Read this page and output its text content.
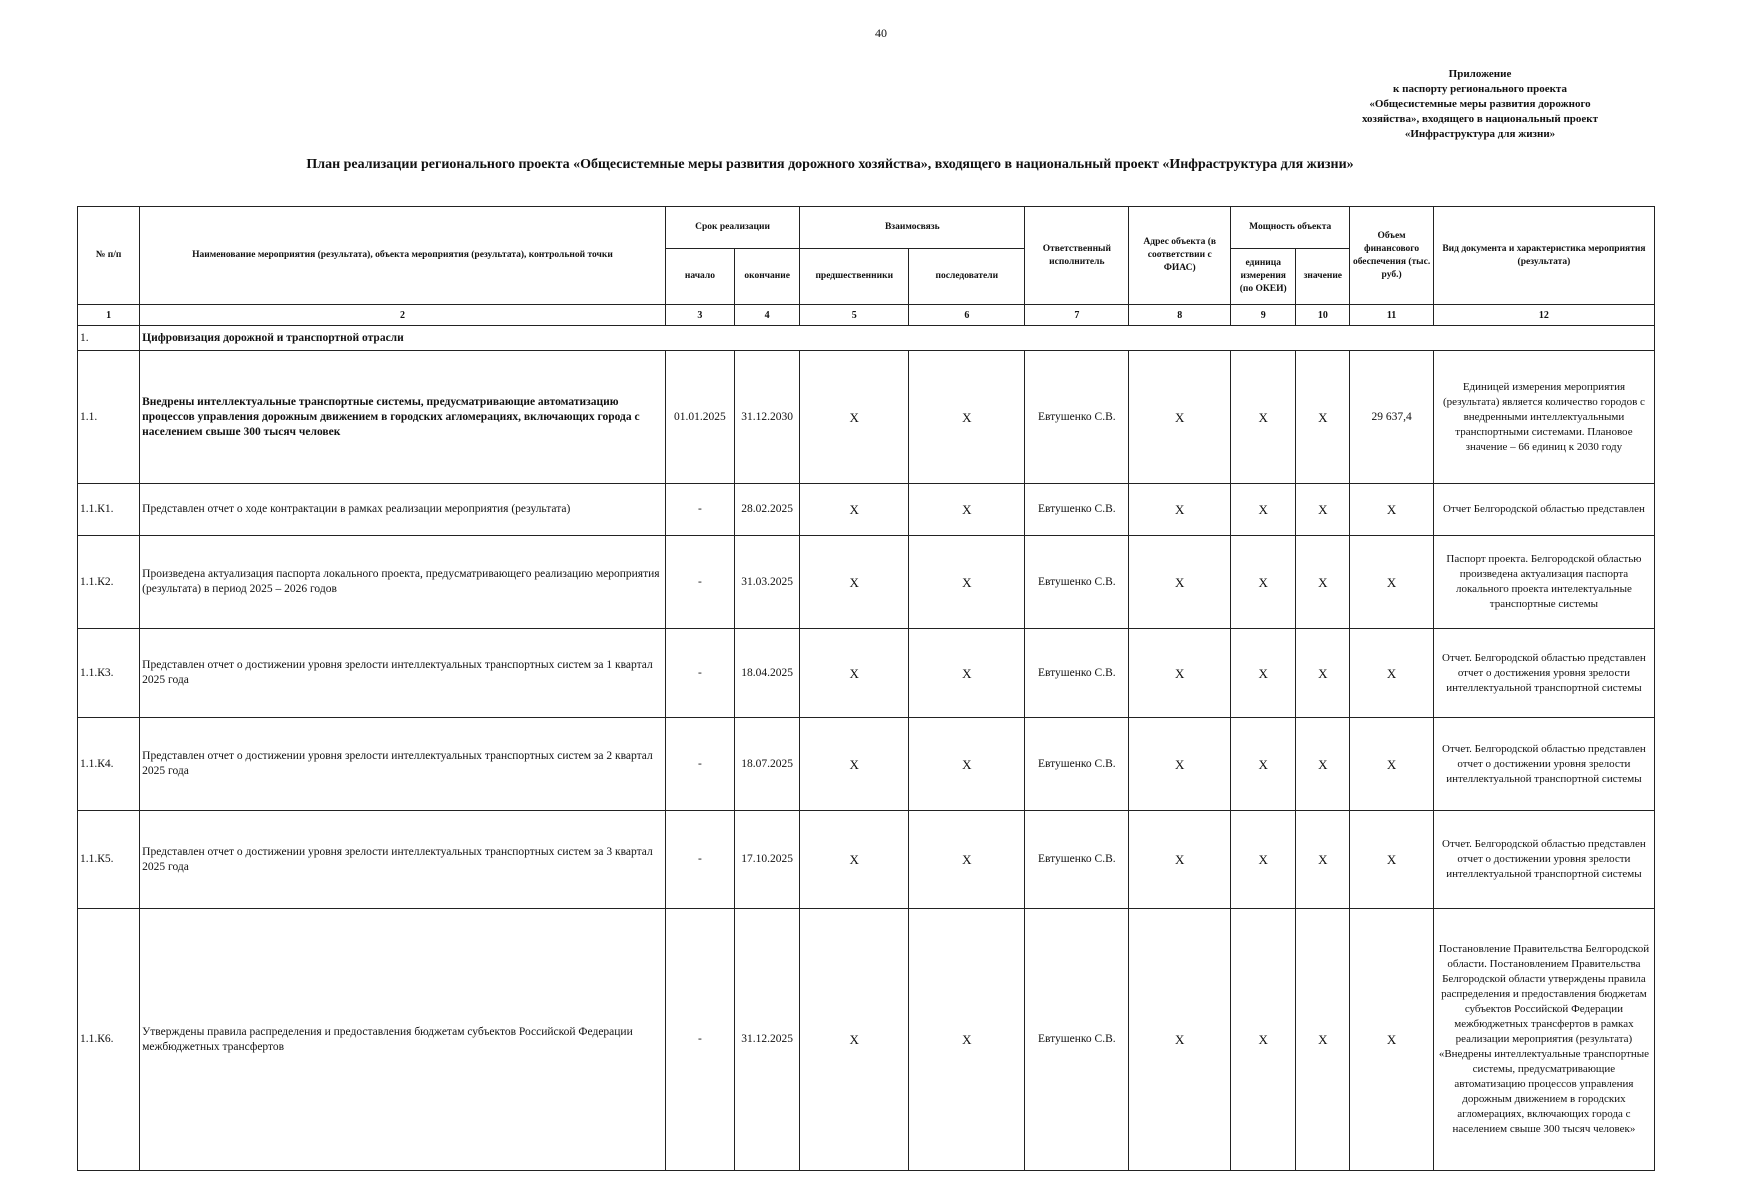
40
Приложение
к паспорту регионального проекта
«Общесистемные меры развития дорожного
хозяйства», входящего в национальный проект
«Инфраструктура для жизни»
План реализации регионального проекта «Общесистемные меры развития дорожного хозяйства», входящего в национальный проект «Инфраструктура для жизни»
№ п/п	Наименование мероприятия (результата), объекта мероприятия (результата), контрольной точки	Срок реализации		Взаимосвязь		Ответственный исполнитель	Адрес объекта (в соответствии с ФИАС)	Мощность объекта		Объем финансового обеспечения (тыс. руб.)	Вид документа и характеристика мероприятия (результата)
		начало	окончание	предшественники	последователи			единица измерения (по ОКЕИ)	значение		
1	2	3	4	5	6	7	8	9	10	11	12
1.	Цифровизация дорожной и транспортной отрасли										
1.1.	Внедрены интеллектуальные транспортные системы, предусматривающие автоматизацию процессов управления дорожным движением в городских агломерациях, включающих города с населением свыше 300 тысяч человек	01.01.2025	31.12.2030	X	X	Евтушенко С.В.	X	X	X	29 637,4	Единицей измерения мероприятия (результата) является количество городов с внедренными интеллектуальными транспортными системами. Плановое значение – 66 единиц к 2030 году
1.1.К1.	Представлен отчет о ходе контрактации в рамках реализации мероприятия (результата)	-	28.02.2025	X	X	Евтушенко С.В.	X	X	X	X	Отчет Белгородской областью представлен
1.1.К2.	Произведена актуализация паспорта локального проекта, предусматривающего реализацию мероприятия (результата) в период 2025 – 2026 годов	-	31.03.2025	X	X	Евтушенко С.В.	X	X	X	X	Паспорт проекта. Белгородской областью произведена актуализация паспорта локального проекта интелектуальные транспортные системы
1.1.К3.	Представлен отчет о достижении уровня зрелости интеллектуальных транспортных систем за 1 квартал 2025 года	-	18.04.2025	X	X	Евтушенко С.В.	X	X	X	X	Отчет. Белгородской областью представлен отчет о достижения уровня зрелости интеллектуальной транспортной системы
1.1.К4.	Представлен отчет о достижении уровня зрелости интеллектуальных транспортных систем за 2 квартал 2025 года	-	18.07.2025	X	X	Евтушенко С.В.	X	X	X	X	Отчет. Белгородской областью представлен отчет о достижении уровня зрелости интеллектуальной транспортной системы
1.1.К5.	Представлен отчет о достижении уровня зрелости интеллектуальных транспортных систем за 3 квартал 2025 года	-	17.10.2025	X	X	Евтушенко С.В.	X	X	X	X	Отчет. Белгородской областью представлен отчет о достижении уровня зрелости интеллектуальной транспортной системы
1.1.К6.	Утверждены правила распределения и предоставления бюджетам субъектов Российской Федерации межбюджетных трансфертов	-	31.12.2025	X	X	Евтушенко С.В.	X	X	X	X	Постановление Правительства Белгородской области. Постановлением Правительства Белгородской области утверждены правила распределения и предоставления бюджетам субъектов Российской Федерации межбюджетных трансфертов в рамках реализации мероприятия (результата) «Внедрены интеллектуальные транспортные системы, предусматривающие автоматизацию процессов управления дорожным движением в городских агломерациях, включающих города с населением свыше 300 тысяч человек»
